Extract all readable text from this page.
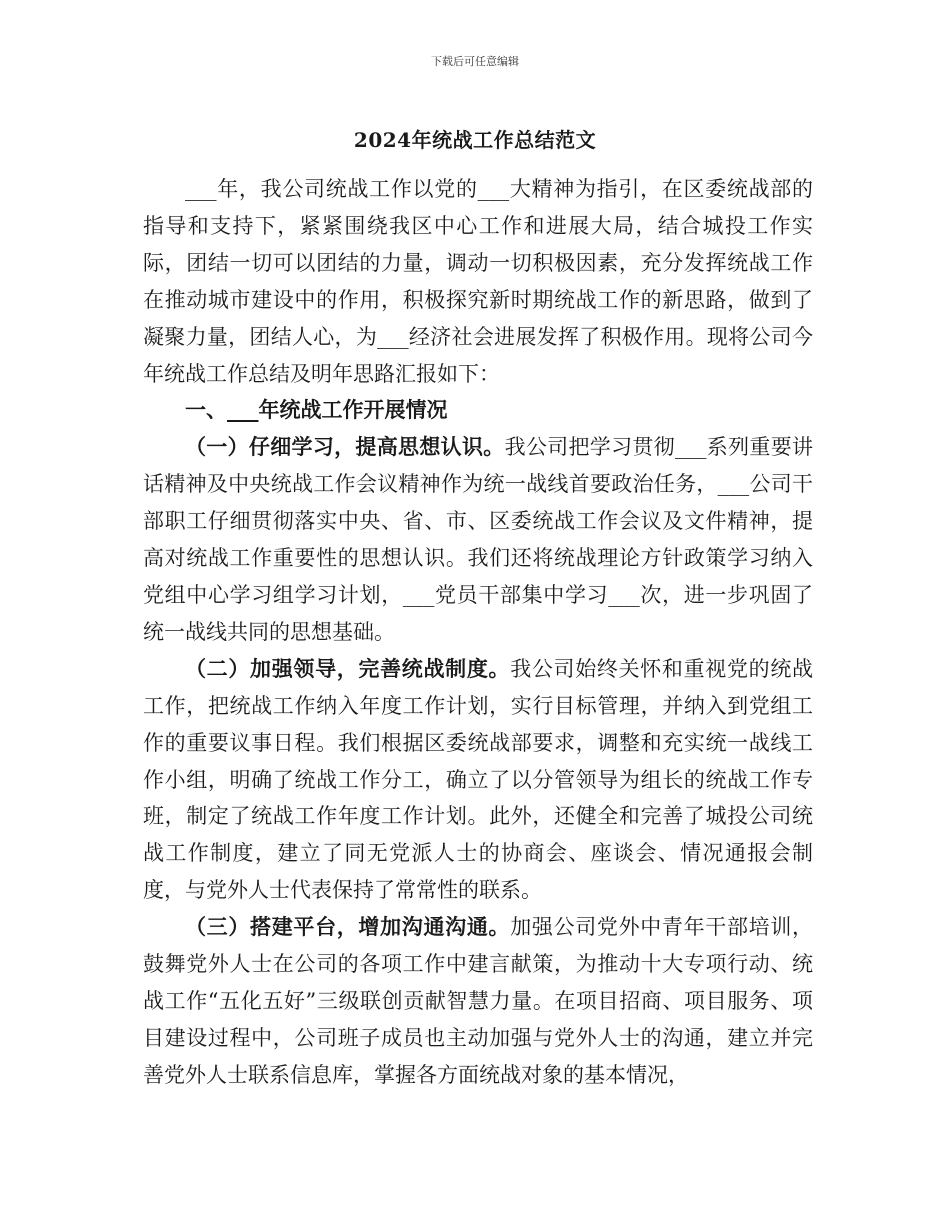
下载后可任意编辑
2024年统战工作总结范文

___年，我公司统战工作以党的___大精神为指引，在区委统战部的指导和支持下，紧紧围绕我区中心工作和进展大局，结合城投工作实际，团结一切可以团结的力量，调动一切积极因素，充分发挥统战工作在推动城市建设中的作用，积极探究新时期统战工作的新思路，做到了凝聚力量，团结人心，为___经济社会进展发挥了积极作用。现将公司今年统战工作总结及明年思路汇报如下：

一、___年统战工作开展情况

（一）仔细学习，提高思想认识。我公司把学习贯彻___系列重要讲话精神及中央统战工作会议精神作为统一战线首要政治任务，___公司干部职工仔细贯彻落实中央、省、市、区委统战工作会议及文件精神，提高对统战工作重要性的思想认识。我们还将统战理论方针政策学习纳入党组中心学习组学习计划，___党员干部集中学习___次，进一步巩固了统一战线共同的思想基础。

（二）加强领导，完善统战制度。我公司始终关怀和重视党的统战工作，把统战工作纳入年度工作计划，实行目标管理，并纳入到党组工作的重要议事日程。我们根据区委统战部要求，调整和充实统一战线工作小组，明确了统战工作分工，确立了以分管领导为组长的统战工作专班，制定了统战工作年度工作计划。此外，还健全和完善了城投公司统战工作制度，建立了同无党派人士的协商会、座谈会、情况通报会制度，与党外人士代表保持了常常性的联系。

（三）搭建平台，增加沟通沟通。加强公司党外中青年干部培训，鼓舞党外人士在公司的各项工作中建言献策，为推动十大专项行动、统战工作“五化五好”三级联创贡献智慧力量。在项目招商、项目服务、项目建设过程中，公司班子成员也主动加强与党外人士的沟通，建立并完善党外人士联系信息库，掌握各方面统战对象的基本情况，
